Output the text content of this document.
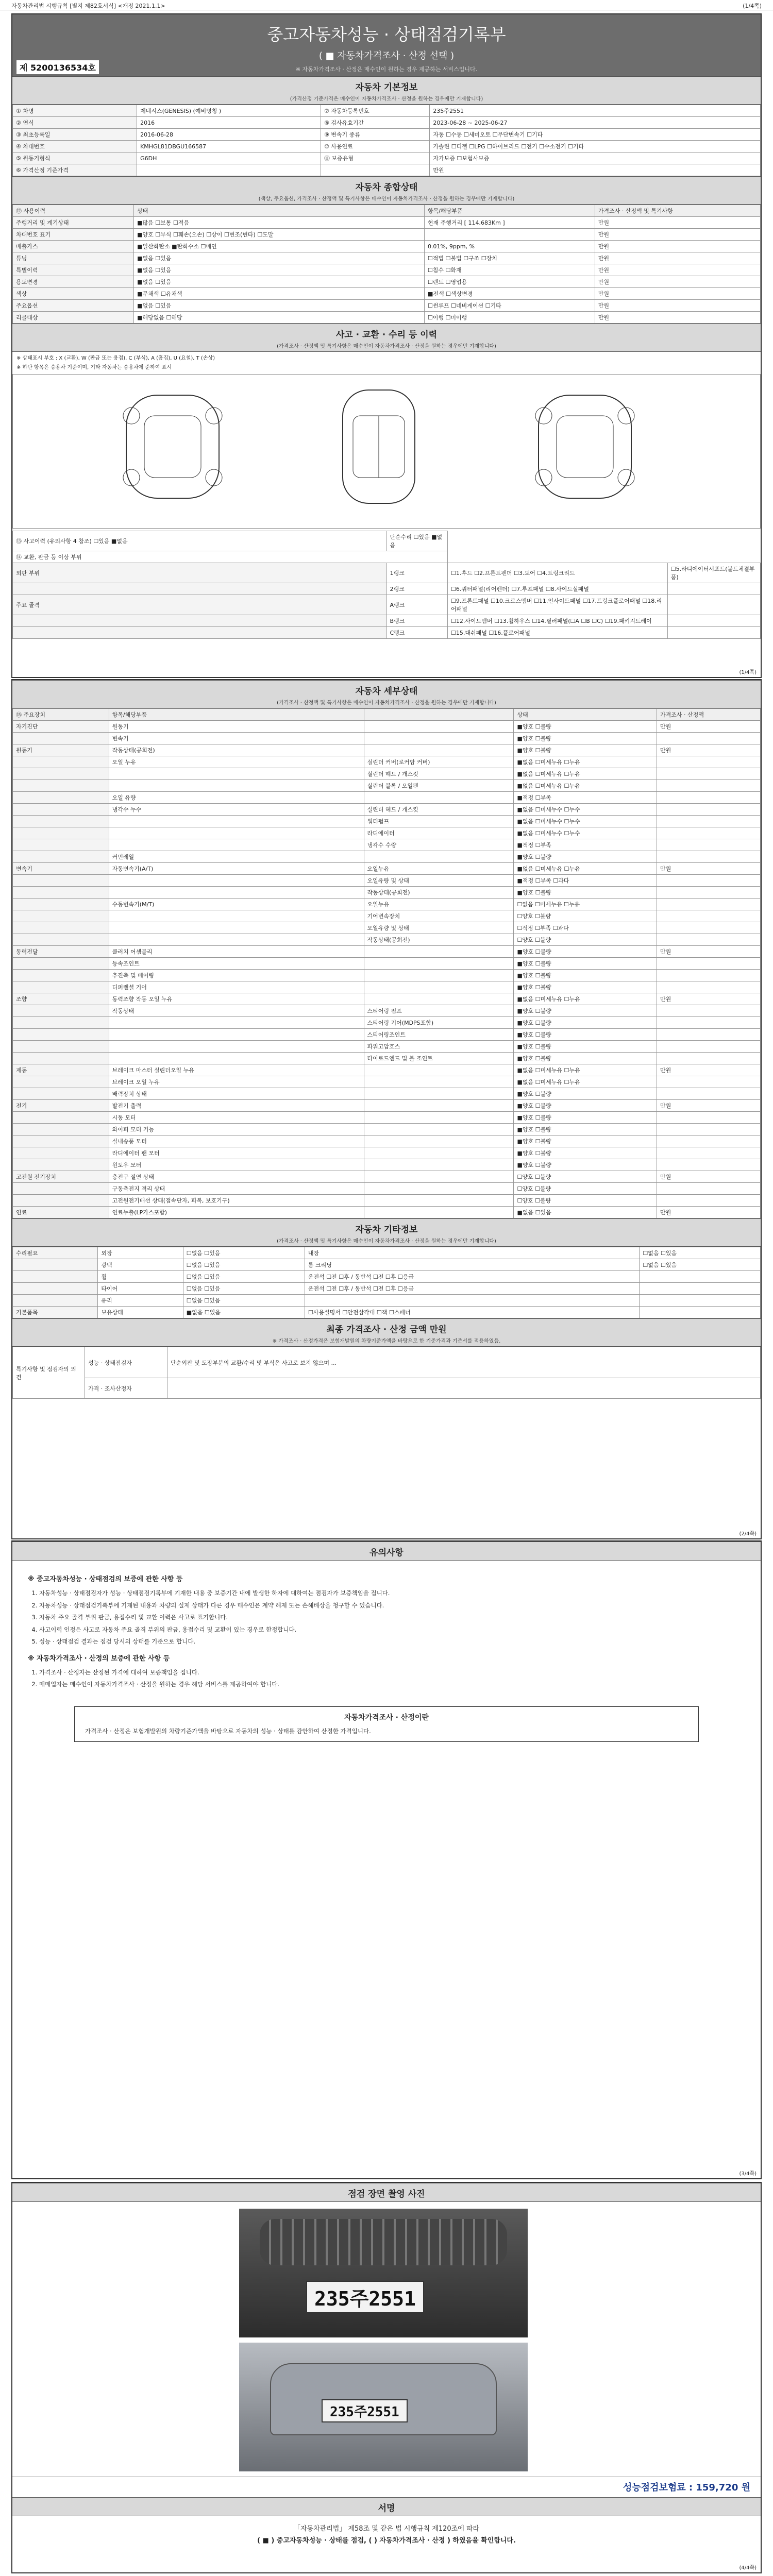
자동차관리법 시행규칙 [별지 제82호서식] <개정 2021.1.1>	(1/4쪽)
중고자동차성능 · 상태점검기록부
( ■ 자동차가격조사 · 산정 선택 )
※ 자동차가격조사 · 산정은 매수인이 원하는 경우 제공하는 서비스입니다.
제 5200136534호
자동차 기본정보
(가격산정 기준가격은 매수인이 자동차가격조사 · 산정을 원하는 경우에만 기재합니다)
① 차명	제네시스(GENESIS) (예비명칭 )	⑦ 자동차등록번호	235주2551
② 연식	2016	⑧ 검사유효기간	2023-06-28 ~ 2025-06-27
③ 최초등록일	2016-06-28	⑨ 변속기 종류	자동 ☐수동 ☐세미오토 ☐무단변속기 ☐기타
④ 차대번호	KMHGL81DBGU166587	⑩ 사용연료	가솔린 ☐디젤 ☐LPG ☐하이브리드 ☐전기 ☐수소전기 ☐기타
⑤ 원동기형식	G6DH	⑪ 보증유형	자가보증 ☐보험사보증
⑥ 가격산정 기준가격			만원
자동차 종합상태
(색상, 주요옵션, 가격조사 · 산정액 및 특기사항은 매수인이 자동차가격조사 · 산정을 원하는 경우에만 기재합니다)
⑫ 사용이력	상태	항목/해당부품	가격조사 · 산정액 및 특기사항
주행거리 및 계기상태	■많음 ☐보통 ☐적음	현재 주행거리 [ 114,683Km ]	만원
차대번호 표기	■양호 ☐부식 ☐훼손(오손) ☐상이 ☐변조(변타) ☐도말		만원
배출가스	■일산화탄소 ■탄화수소 ☐매연	0.01%, 9ppm, %	만원
튜닝	■없음 ☐있음	☐적법 ☐불법 ☐구조 ☐장치	만원
특별이력	■없음 ☐있음	☐침수 ☐화재	만원
용도변경	■없음 ☐있음	☐렌트 ☐영업용	만원
색상	■무채색 ☐유채색	■전색 ☐색상변경	만원
주요옵션	■없음 ☐있음	☐썬루프 ☐네비게이션 ☐기타	만원
리콜대상	■해당없음 ☐해당	☐이행 ☐미이행	만원
사고 · 교환 · 수리 등 이력
(가격조사 · 산정액 및 특기사항은 매수인이 자동차가격조사 · 산정을 원하는 경우에만 기재합니다)
※ 상태표시 부호 : X (교환), W (판금 또는 용접), C (부식), A (흠집), U (요철), T (손상)
※ 하단 항목은 승용차 기준이며, 기타 자동차는 승용차에 준하여 표시
⑬ 사고이력 (유의사항 4 참조) ☐있음 ■없음	단순수리 ☐있음 ■없음		
⑭ 교환, 판금 등 이상 부위			
외판 부위	1랭크	☐1.후드 ☐2.프론트펜더 ☐3.도어 ☐4.트렁크리드	☐5.라디에이터서포트(볼트체결부품)
	2랭크	☐6.쿼터패널(리어펜더) ☐7.루프패널 ☐8.사이드실패널	
주요 골격	A랭크	☐9.프론트패널 ☐10.크로스멤버 ☐11.인사이드패널 ☐17.트렁크플로어패널 ☐18.리어패널	
	B랭크	☐12.사이드멤버 ☐13.휠하우스 ☐14.필러패널(☐A ☐B ☐C) ☐19.패키지트레이	
	C랭크	☐15.대쉬패널 ☐16.플로어패널	
(1/4쪽)
자동차 세부상태
(가격조사 · 산정액 및 특기사항은 매수인이 자동차가격조사 · 산정을 원하는 경우에만 기재합니다)
⑮ 주요장치	항목/해당부품		상태	가격조사 · 산정액
자기진단	원동기		■양호 ☐불량	만원
	변속기		■양호 ☐불량	
원동기	작동상태(공회전)		■양호 ☐불량	만원
	오일 누유	실린더 커버(로커암 커버)	■없음 ☐미세누유 ☐누유	
		실린더 헤드 / 개스킷	■없음 ☐미세누유 ☐누유	
		실린더 블록 / 오일팬	■없음 ☐미세누유 ☐누유	
	오일 유량		■적정 ☐부족	
	냉각수 누수	실린더 헤드 / 개스킷	■없음 ☐미세누수 ☐누수	
		워터펌프	■없음 ☐미세누수 ☐누수	
		라디에이터	■없음 ☐미세누수 ☐누수	
		냉각수 수량	■적정 ☐부족	
	커먼레일		■양호 ☐불량	
변속기	자동변속기(A/T)	오일누유	■없음 ☐미세누유 ☐누유	만원
		오일유량 및 상태	■적정 ☐부족 ☐과다	
		작동상태(공회전)	■양호 ☐불량	
	수동변속기(M/T)	오일누유	☐없음 ☐미세누유 ☐누유	
		기어변속장치	☐양호 ☐불량	
		오일유량 및 상태	☐적정 ☐부족 ☐과다	
		작동상태(공회전)	☐양호 ☐불량	
동력전달	클러치 어셈블리		■양호 ☐불량	만원
	등속조인트		■양호 ☐불량	
	추진축 및 베어링		■양호 ☐불량	
	디퍼렌셜 기어		■양호 ☐불량	
조향	동력조향 작동 오일 누유		■없음 ☐미세누유 ☐누유	만원
	작동상태	스티어링 펌프	■양호 ☐불량	
		스티어링 기어(MDPS포함)	■양호 ☐불량	
		스티어링조인트	■양호 ☐불량	
		파워고압호스	■양호 ☐불량	
		타이로드엔드 및 볼 조인트	■양호 ☐불량	
제동	브레이크 마스터 실린더오일 누유		■없음 ☐미세누유 ☐누유	만원
	브레이크 오일 누유		■없음 ☐미세누유 ☐누유	
	배력장치 상태		■양호 ☐불량	
전기	발전기 출력		■양호 ☐불량	만원
	시동 모터		■양호 ☐불량	
	와이퍼 모터 기능		■양호 ☐불량	
	실내송풍 모터		■양호 ☐불량	
	라디에이터 팬 모터		■양호 ☐불량	
	윈도우 모터		■양호 ☐불량	
고전원 전기장치	충전구 절연 상태		☐양호 ☐불량	만원
	구동축전지 격리 상태		☐양호 ☐불량	
	고전원전기배선 상태(접속단자, 피복, 보호기구)		☐양호 ☐불량	
연료	연료누출(LP가스포함)		■없음 ☐있음	만원
자동차 기타정보
(가격조사 · 산정액 및 특기사항은 매수인이 자동차가격조사 · 산정을 원하는 경우에만 기재합니다)
수리필요	외장	☐없음 ☐있음	내장	☐없음 ☐있음
	광택	☐없음 ☐있음	룸 크리닝	☐없음 ☐있음
	휠	☐없음 ☐있음	운전석 ☐전 ☐후 / 동반석 ☐전 ☐후 ☐응급	
	타이어	☐없음 ☐있음	운전석 ☐전 ☐후 / 동반석 ☐전 ☐후 ☐응급	
	유리	☐없음 ☐있음		
기본품목	보유상태	■없음 ☐있음	☐사용설명서 ☐안전삼각대 ☐잭 ☐스패너	
최종 가격조사 · 산정 금액 만원
※ 가격조사 · 산정가격은 보험개발원의 차량기준가액을 바탕으로 한 기준가격과 기준서를 적용하였음.
특기사항 및 점검자의 의견	성능 · 상태점검자	단순외판 및 도장부분의 교환/수리 및 부식은 사고로 보지 않으며 ...
	가격 · 조사산정자	
(2/4쪽)
유의사항
※ 중고자동차성능 · 상태점검의 보증에 관한 사항 등
1. 자동차성능 · 상태점검자가 성능 · 상태점검기록부에 기재한 내용 중 보증기간 내에 발생한 하자에 대하여는 점검자가 보증책임을 집니다.
2. 자동차성능 · 상태점검기록부에 기재된 내용과 차량의 실제 상태가 다른 경우 매수인은 계약 해제 또는 손해배상을 청구할 수 있습니다.
3. 자동차 주요 골격 부위 판금, 용접수리 및 교환 이력은 사고로 표기합니다.
4. 사고이력 인정은 사고로 자동차 주요 골격 부위의 판금, 용접수리 및 교환이 있는 경우로 한정합니다.
5. 성능 · 상태점검 결과는 점검 당시의 상태를 기준으로 합니다.
※ 자동차가격조사 · 산정의 보증에 관한 사항 등
1. 가격조사 · 산정자는 산정된 가격에 대하여 보증책임을 집니다.
2. 매매업자는 매수인이 자동차가격조사 · 산정을 원하는 경우 해당 서비스를 제공하여야 합니다.
자동차가격조사 · 산정이란
가격조사 · 산정은 보험개발원의 차량기준가액을 바탕으로 자동차의 성능 · 상태를 감안하여 산정한 가격입니다.
(3/4쪽)
점검 장면 촬영 사진
235주2551
235주2551
성능점검보험료 : 159,720 원
서명
「자동차관리법」 제58조 및 같은 법 시행규칙 제120조에 따라
( ■ ) 중고자동차성능 · 상태를 점검, ( ) 자동차가격조사 · 산정 ) 하였음을 확인합니다.
(4/4쪽)
